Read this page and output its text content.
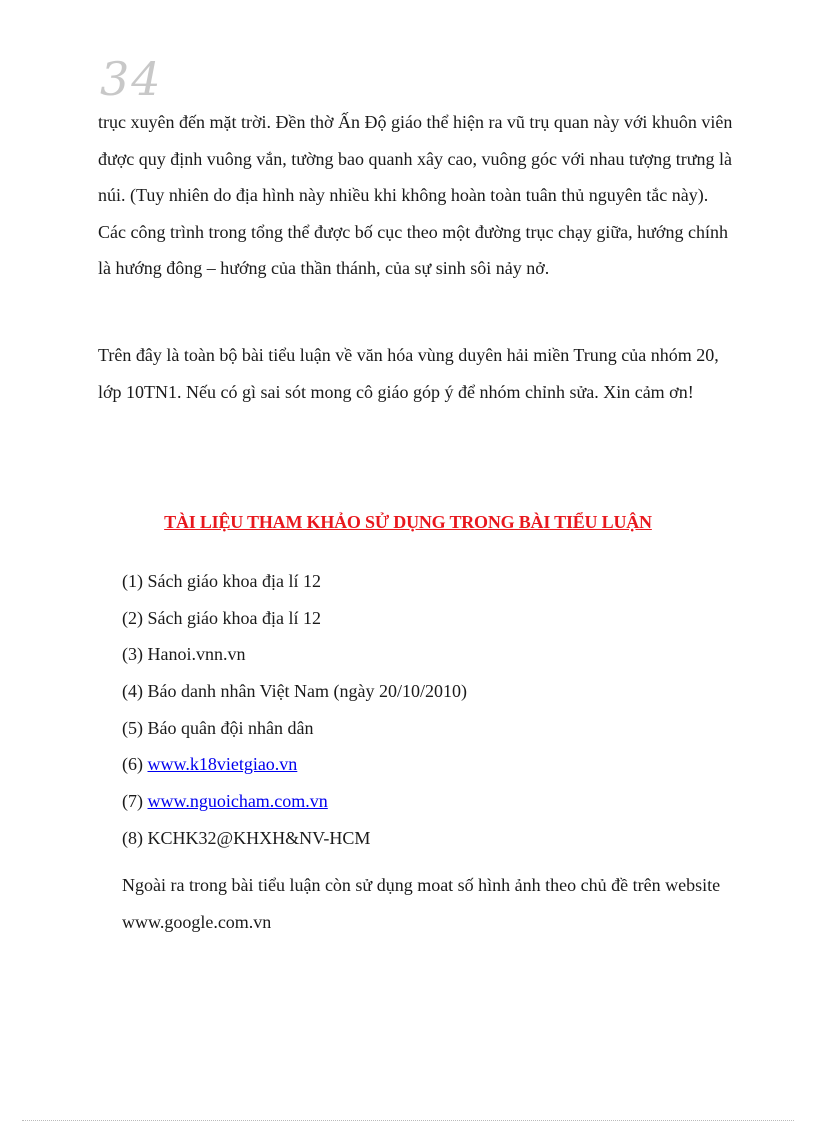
34

trục xuyên đến mặt trời. Đền thờ Ấn Độ giáo thể hiện ra vũ trụ quan này với khuôn viên được quy định vuông vắn, tường bao quanh xây cao, vuông góc với nhau tượng trưng là núi. (Tuy nhiên do địa hình này nhiều khi không hoàn toàn tuân thủ nguyên tắc này). Các công trình trong tổng thể được bố cục theo một đường trục chạy giữa, hướng chính là hướng đông – hướng của thần thánh, của sự sinh sôi nảy nở.

Trên đây là toàn bộ bài tiểu luận về văn hóa vùng duyên hải miền Trung của nhóm 20, lớp 10TN1. Nếu có gì sai sót mong cô giáo góp ý để nhóm chỉnh sửa. Xin cảm ơn!

TÀI LIỆU THAM KHẢO SỬ DỤNG TRONG BÀI TIỂU LUẬN
(1) Sách giáo khoa địa lí 12
(2) Sách giáo khoa địa lí 12
(3) Hanoi.vnn.vn
(4) Báo danh nhân Việt Nam (ngày 20/10/2010)
(5) Báo quân đội nhân dân
(6) www.k18vietgiao.vn
(7) www.nguoicham.com.vn
(8) KCHK32@KHXH&NV-HCM

Ngoài ra trong bài tiểu luận còn sử dụng moat số hình ảnh theo chủ đề trên website www.google.com.vn
